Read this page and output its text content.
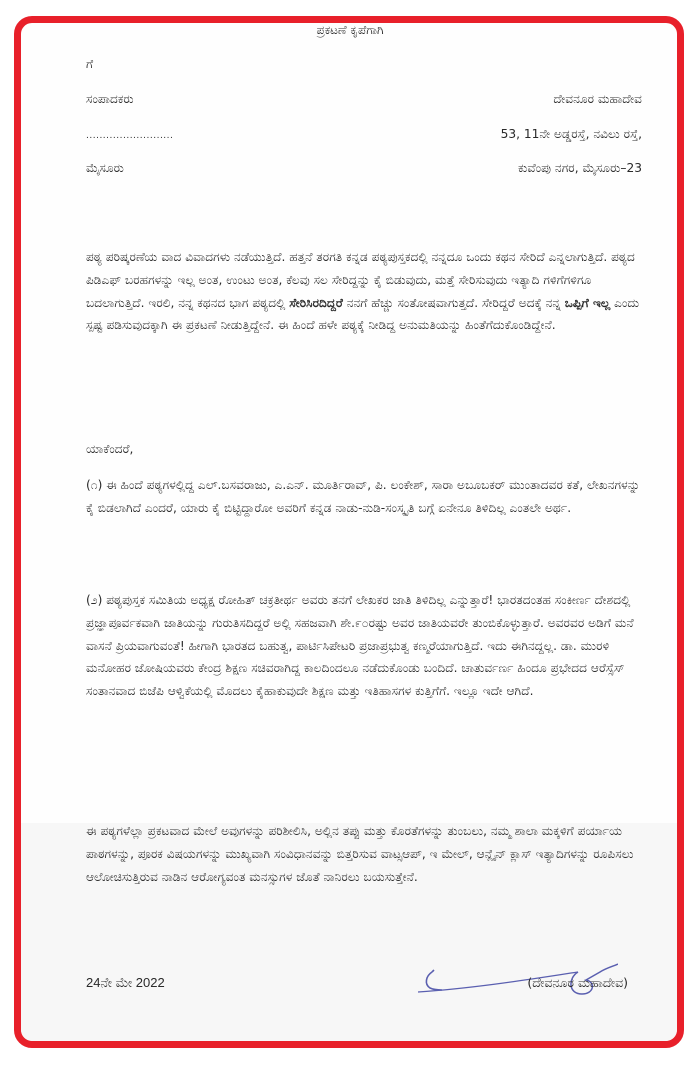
ಪ್ರಕಟಣೆ ಕೃಪೆಗಾಗಿ
ಗೆ
ಸಂಪಾದಕರು	ದೇವನೂರ ಮಹಾದೇವ
..........................	53, 11ನೇ ಅಡ್ಡರಸ್ತೆ, ನವಿಲು ರಸ್ತೆ,
ಮೈಸೂರು	ಕುವೆಂಪು ನಗರ, ಮೈಸೂರು–23
ಪಠ್ಯ ಪರಿಷ್ಕರಣೆಯ ವಾದ ವಿವಾದಗಳು ನಡೆಯುತ್ತಿದೆ. ಹತ್ತನೆ ತರಗತಿ ಕನ್ನಡ ಪಠ್ಯಪುಸ್ತಕದಲ್ಲಿ ನನ್ನದೂ ಒಂದು ಕಥನ ಸೇರಿದೆ ಎನ್ನಲಾಗುತ್ತಿದೆ. ಪಠ್ಯದ ಪಿಡಿಎಫ್ ಬರಹಗಳನ್ನು ಇಲ್ಲ ಅಂತ, ಉಂಟು ಅಂತ, ಕೆಲವು ಸಲ ಸೇರಿದ್ದನ್ನು ಕೈ ಬಿಡುವುದು, ಮತ್ತೆ ಸೇರಿಸುವುದು ಇತ್ಯಾದಿ ಗಳಿಗೆಗಳಿಗೂ ಬದಲಾಗುತ್ತಿದೆ. ಇರಲಿ, ನನ್ನ ಕಥನದ ಭಾಗ ಪಠ್ಯದಲ್ಲಿ ಸೇರಿಸಿರದಿದ್ದರೆ ನನಗೆ ಹೆಚ್ಚು ಸಂತೋಷವಾಗುತ್ತದೆ. ಸೇರಿದ್ದರೆ ಅದಕ್ಕೆ ನನ್ನ ಒಪ್ಪಿಗೆ ಇಲ್ಲ ಎಂದು ಸ್ಪಷ್ಟ ಪಡಿಸುವುದಕ್ಕಾಗಿ ಈ ಪ್ರಕಟಣೆ ನೀಡುತ್ತಿದ್ದೇನೆ. ಈ ಹಿಂದೆ ಹಳೇ ಪಠ್ಯಕ್ಕೆ ನೀಡಿದ್ದ ಅನುಮತಿಯನ್ನು ಹಿಂತೆಗೆದುಕೊಂಡಿದ್ದೇನೆ.
ಯಾಕೆಂದರೆ,
(೧) ಈ ಹಿಂದೆ ಪಠ್ಯಗಳಲ್ಲಿದ್ದ ಎಲ್.ಬಸವರಾಜು, ಎ.ಎನ್. ಮೂರ್ತಿರಾವ್, ಪಿ. ಲಂಕೇಶ್, ಸಾರಾ ಅಬೂಬಕರ್ ಮುಂತಾದವರ ಕತೆ, ಲೇಖನಗಳನ್ನು ಕೈ ಬಿಡಲಾಗಿದೆ ಎಂದರೆ, ಯಾರು ಕೈ ಬಿಟ್ಟಿದ್ದಾರೋ ಅವರಿಗೆ ಕನ್ನಡ ನಾಡು-ನುಡಿ-ಸಂಸ್ಕೃತಿ ಬಗ್ಗೆ ಏನೇನೂ ತಿಳಿದಿಲ್ಲ ಎಂತಲೇ ಅರ್ಥ.
(೨) ಪಠ್ಯಪುಸ್ತಕ ಸಮಿತಿಯ ಅಧ್ಯಕ್ಷ ರೋಹಿತ್ ಚಕ್ರತೀರ್ಥ ಅವರು ತನಗೆ ಲೇಖಕರ ಜಾತಿ ತಿಳಿದಿಲ್ಲ ಎನ್ನುತ್ತಾರೆ! ಭಾರತದಂತಹ ಸಂಕೀರ್ಣ ದೇಶದಲ್ಲಿ ಪ್ರಜ್ಞಾಪೂರ್ವಕವಾಗಿ ಜಾತಿಯನ್ನು ಗುರುತಿಸದಿದ್ದರೆ ಅಲ್ಲಿ ಸಹಜವಾಗಿ ಶೇ.೯೦ರಷ್ಟು ಅವರ ಜಾತಿಯವರೇ ತುಂಬಿಕೊಳ್ಳುತ್ತಾರೆ. ಅವರವರ ಅಡಿಗೆ ಮನೆ ವಾಸನೆ ಪ್ರಿಯವಾಗುವಂತೆ! ಹೀಗಾಗಿ ಭಾರತದ ಬಹುತ್ವ, ಪಾರ್ಟಿಸಿಪೇಟರಿ ಪ್ರಜಾಪ್ರಭುತ್ವ ಕಣ್ಮರೆಯಾಗುತ್ತಿದೆ. ಇದು ಈಗಿನದ್ದಲ್ಲ. ಡಾ. ಮುರಳಿ ಮನೋಹರ ಜೋಷಿಯವರು ಕೇಂದ್ರ ಶಿಕ್ಷಣ ಸಚಿವರಾಗಿದ್ದ ಕಾಲದಿಂದಲೂ ನಡೆದುಕೊಂಡು ಬಂದಿದೆ. ಚಾತುರ್ವರ್ಣ ಹಿಂದೂ ಪ್ರಭೇದದ ಆರೆಸ್ಸೆಸ್ ಸಂತಾನವಾದ ಬಿಜೆಪಿ ಆಳ್ವಿಕೆಯಲ್ಲಿ ಮೊದಲು ಕೈಹಾಕುವುದೇ ಶಿಕ್ಷಣ ಮತ್ತು ಇತಿಹಾಸಗಳ ಕುತ್ತಿಗೆಗೆ. ಇಲ್ಲೂ ಇದೇ ಆಗಿದೆ.
ಈ ಪಠ್ಯಗಳೆಲ್ಲಾ ಪ್ರಕಟವಾದ ಮೇಲೆ ಅವುಗಳನ್ನು ಪರಿಶೀಲಿಸಿ, ಅಲ್ಲಿನ ತಪ್ಪು ಮತ್ತು ಕೊರತೆಗಳನ್ನು ತುಂಬಲು, ನಮ್ಮ ಶಾಲಾ ಮಕ್ಕಳಿಗೆ ಪರ್ಯಾಯ ಪಾಠಗಳನ್ನು, ಪೂರಕ ವಿಷಯಗಳನ್ನು ಮುಖ್ಯವಾಗಿ ಸಂವಿಧಾನವನ್ನು ಬಿತ್ತರಿಸುವ ವಾಟ್ಸಆಪ್, ಇ ಮೇಲ್, ಆನ್ಲೈನ್ ಕ್ಲಾಸ್ ಇತ್ಯಾದಿಗಳನ್ನು ರೂಪಿಸಲು ಆಲೋಚಿಸುತ್ತಿರುವ ನಾಡಿನ ಆರೋಗ್ಯವಂತ ಮನಸ್ಸುಗಳ ಜೊತೆ ನಾನಿರಲು ಬಯಸುತ್ತೇನೆ.
24ನೇ ಮೇ 2022	(ದೇವನೂರ ಮಹಾದೇವ)
